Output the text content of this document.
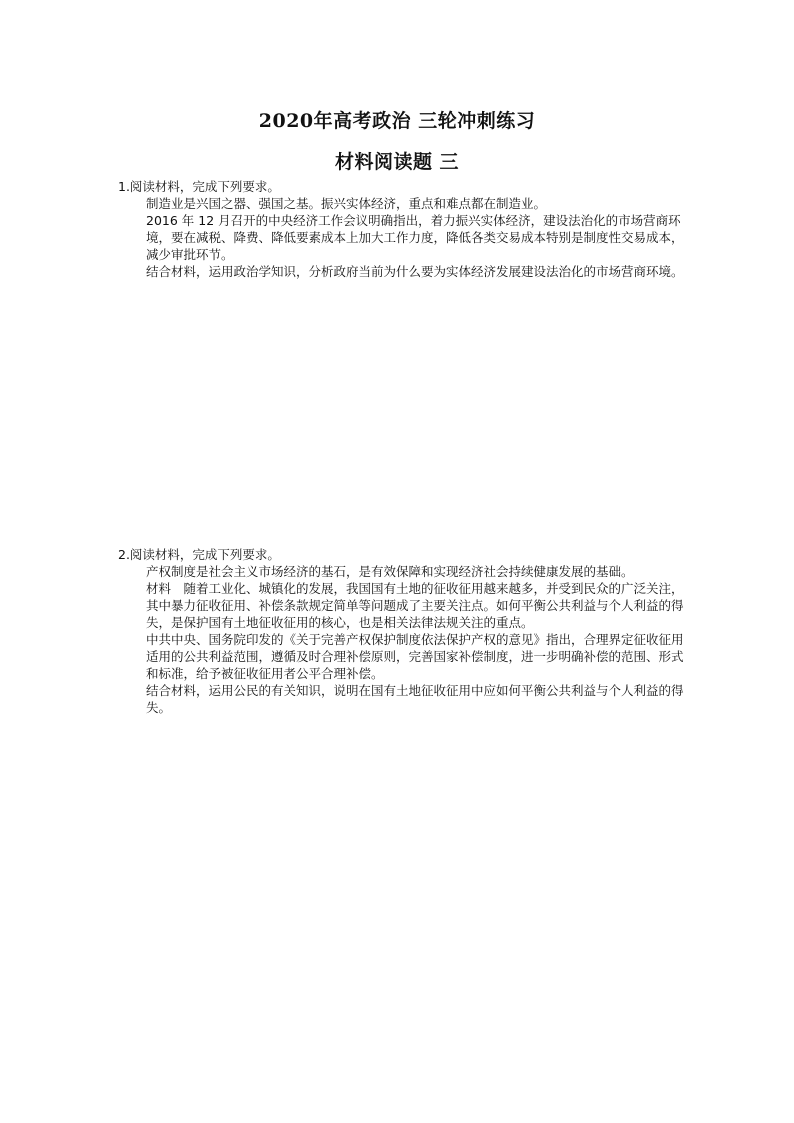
2020年高考政治 三轮冲刺练习
材料阅读题 三

1.阅读材料，完成下列要求。

制造业是兴国之器、强国之基。振兴实体经济，重点和难点都在制造业。

2016 年 12 月召开的中央经济工作会议明确指出，着力振兴实体经济，建设法治化的市场营商环境，要在减税、降费、降低要素成本上加大工作力度，降低各类交易成本特别是制度性交易成本，减少审批环节。

结合材料，运用政治学知识，分析政府当前为什么要为实体经济发展建设法治化的市场营商环境。

2.阅读材料，完成下列要求。

产权制度是社会主义市场经济的基石，是有效保障和实现经济社会持续健康发展的基础。

材料　随着工业化、城镇化的发展，我国国有土地的征收征用越来越多，并受到民众的广泛关注，其中暴力征收征用、补偿条款规定简单等问题成了主要关注点。如何平衡公共利益与个人利益的得失，是保护国有土地征收征用的核心，也是相关法律法规关注的重点。

中共中央、国务院印发的《关于完善产权保护制度依法保护产权的意见》指出，合理界定征收征用适用的公共利益范围，遵循及时合理补偿原则，完善国家补偿制度，进一步明确补偿的范围、形式和标准，给予被征收征用者公平合理补偿。

结合材料，运用公民的有关知识，说明在国有土地征收征用中应如何平衡公共利益与个人利益的得失。
